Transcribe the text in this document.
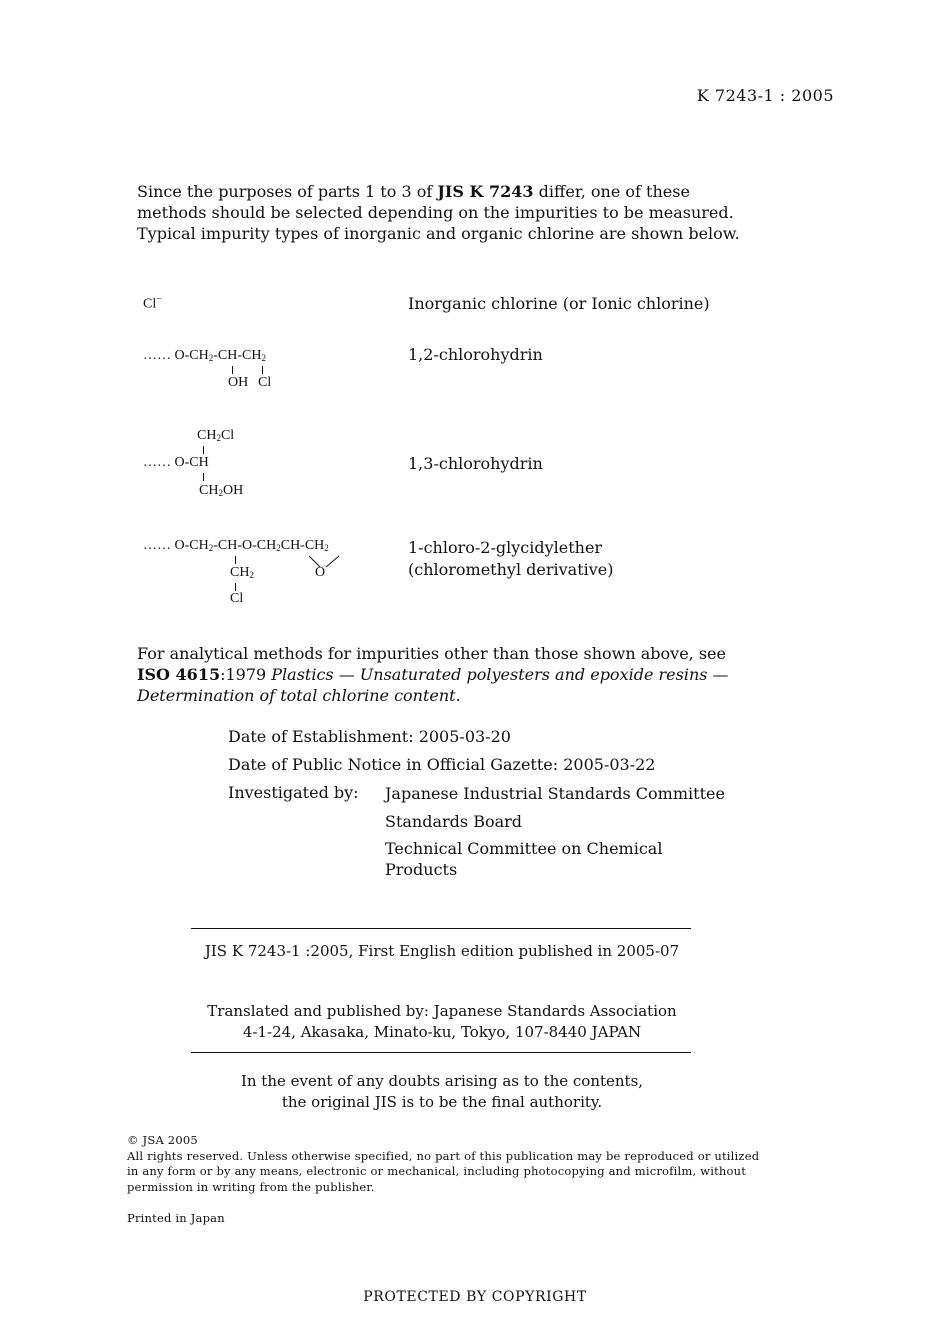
K 7243-1 : 2005
Since the purposes of parts 1 to 3 of JIS K 7243 differ, one of these methods should be selected depending on the impurities to be measured. Typical impurity types of inorganic and organic chlorine are shown below.
Cl−	Inorganic chlorine (or Ionic chlorine)
…… $O-CH_2-CH-CH_2$
OH Cl
1,2-chlorohydrin
$CH_2Cl$
…… O-CH
$CH_2OH$
1,3-chlorohydrin
…… $O-CH_2-CH-O-CH_2CH-CH_2$
$CH_2$	O
Cl
1-chloro-2-glycidylether
(chloromethyl derivative)
For analytical methods for impurities other than those shown above, see ISO 4615:1979 Plastics — Unsaturated polyesters and epoxide resins — Determination of total chlorine content.
Date of Establishment: 2005-03-20
Date of Public Notice in Official Gazette: 2005-03-22
Investigated by: Japanese Industrial Standards Committee
Standards Board
Technical Committee on Chemical
Products
JIS K 7243-1 :2005, First English edition published in 2005-07
Translated and published by: Japanese Standards Association
4-1-24, Akasaka, Minato-ku, Tokyo, 107-8440 JAPAN
In the event of any doubts arising as to the contents,
the original JIS is to be the final authority.
© JSA 2005
All rights reserved. Unless otherwise specified, no part of this publication may be reproduced or utilized in any form or by any means, electronic or mechanical, including photocopying and microfilm, without permission in writing from the publisher.
Printed in Japan
PROTECTED BY COPYRIGHT
